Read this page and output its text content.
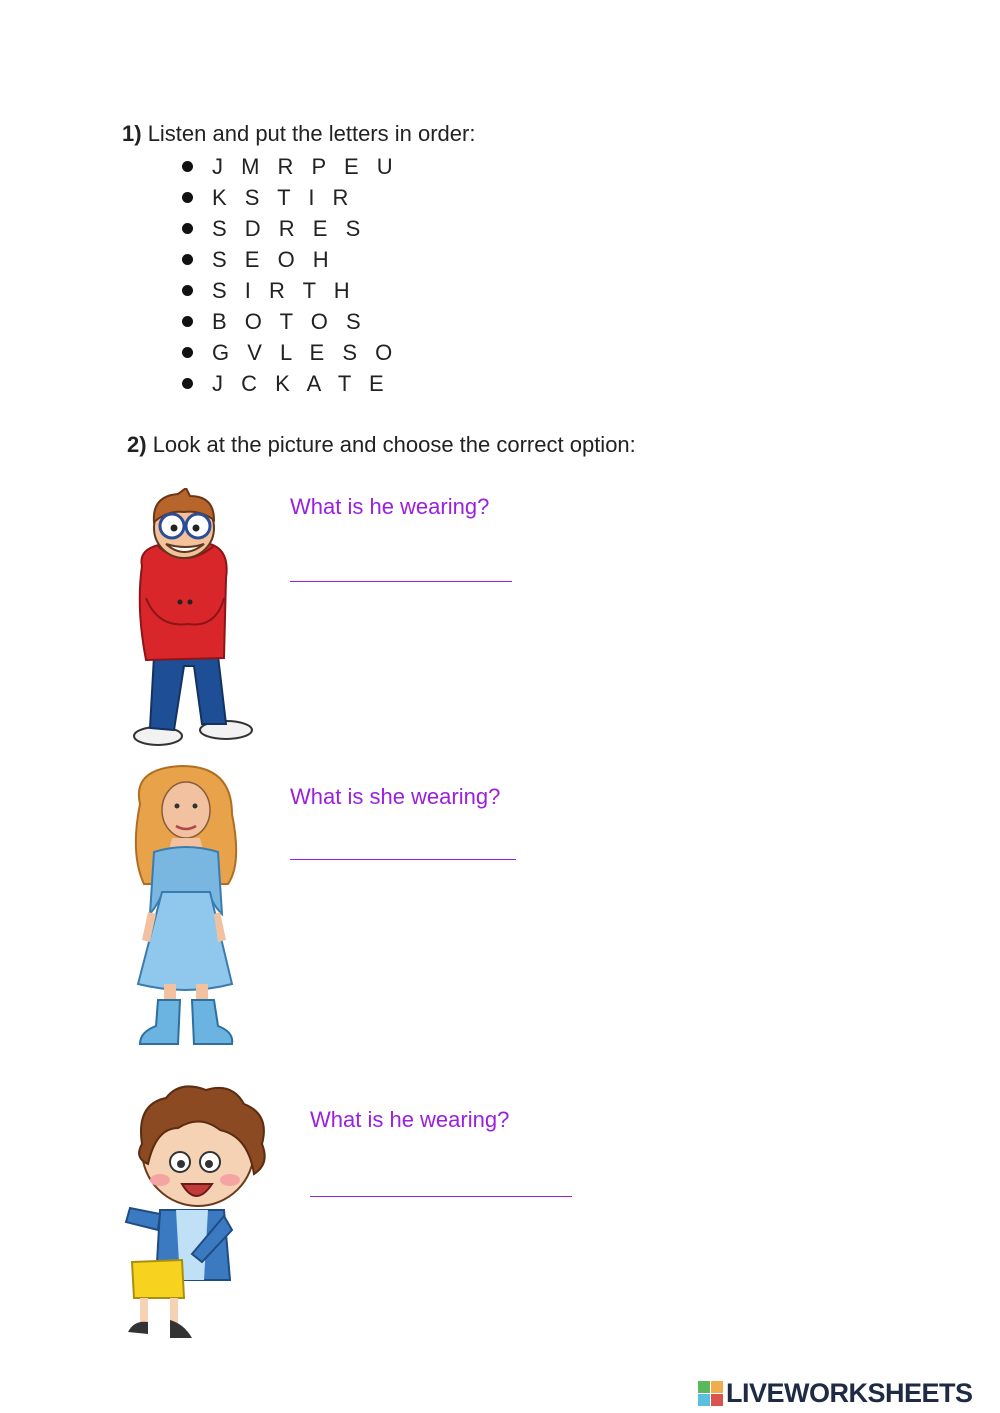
1) Listen and put the letters in order:
J M R P E U
K S T I R
S D R E S
S E O H
S I R T H
B O T O S
G V L E S O
J C K A T E
2) Look at the picture and choose the correct option:
What is he wearing?
What is she wearing?
What is he wearing?
LIVEWORKSHEETS
